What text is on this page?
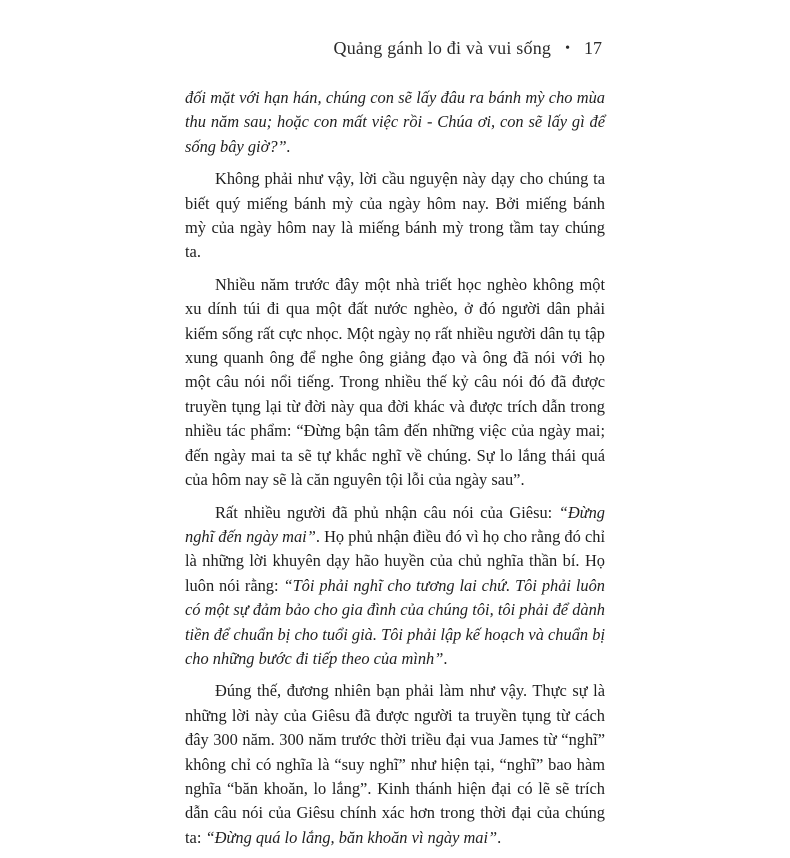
Quảng gánh lo đi và vui sống • 17

đối mặt với hạn hán, chúng con sẽ lấy đâu ra bánh mỳ cho mùa thu năm sau; hoặc con mất việc rồi - Chúa ơi, con sẽ lấy gì để sống bây giờ?”.

Không phải như vậy, lời cầu nguyện này dạy cho chúng ta biết quý miếng bánh mỳ của ngày hôm nay. Bởi miếng bánh mỳ của ngày hôm nay là miếng bánh mỳ trong tầm tay chúng ta.

Nhiều năm trước đây một nhà triết học nghèo không một xu dính túi đi qua một đất nước nghèo, ở đó người dân phải kiếm sống rất cực nhọc. Một ngày nọ rất nhiều người dân tụ tập xung quanh ông để nghe ông giảng đạo và ông đã nói với họ một câu nói nổi tiếng. Trong nhiều thế kỷ câu nói đó đã được truyền tụng lại từ đời này qua đời khác và được trích dẫn trong nhiều tác phẩm: “Đừng bận tâm đến những việc của ngày mai; đến ngày mai ta sẽ tự khắc nghĩ về chúng. Sự lo lắng thái quá của hôm nay sẽ là căn nguyên tội lỗi của ngày sau”.

Rất nhiều người đã phủ nhận câu nói của Giêsu: “Đừng nghĩ đến ngày mai”. Họ phủ nhận điều đó vì họ cho rằng đó chỉ là những lời khuyên dạy hão huyền của chủ nghĩa thần bí. Họ luôn nói rằng: “Tôi phải nghĩ cho tương lai chứ. Tôi phải luôn có một sự đảm bảo cho gia đình của chúng tôi, tôi phải để dành tiền để chuẩn bị cho tuổi già. Tôi phải lập kế hoạch và chuẩn bị cho những bước đi tiếp theo của mình”.

Đúng thế, đương nhiên bạn phải làm như vậy. Thực sự là những lời này của Giêsu đã được người ta truyền tụng từ cách đây 300 năm. 300 năm trước thời triều đại vua James từ “nghĩ” không chỉ có nghĩa là “suy nghĩ” như hiện tại, “nghĩ” bao hàm nghĩa “băn khoăn, lo lắng”. Kinh thánh hiện đại có lẽ sẽ trích dẫn câu nói của Giêsu chính xác hơn trong thời đại của chúng ta: “Đừng quá lo lắng, băn khoăn vì ngày mai”.
